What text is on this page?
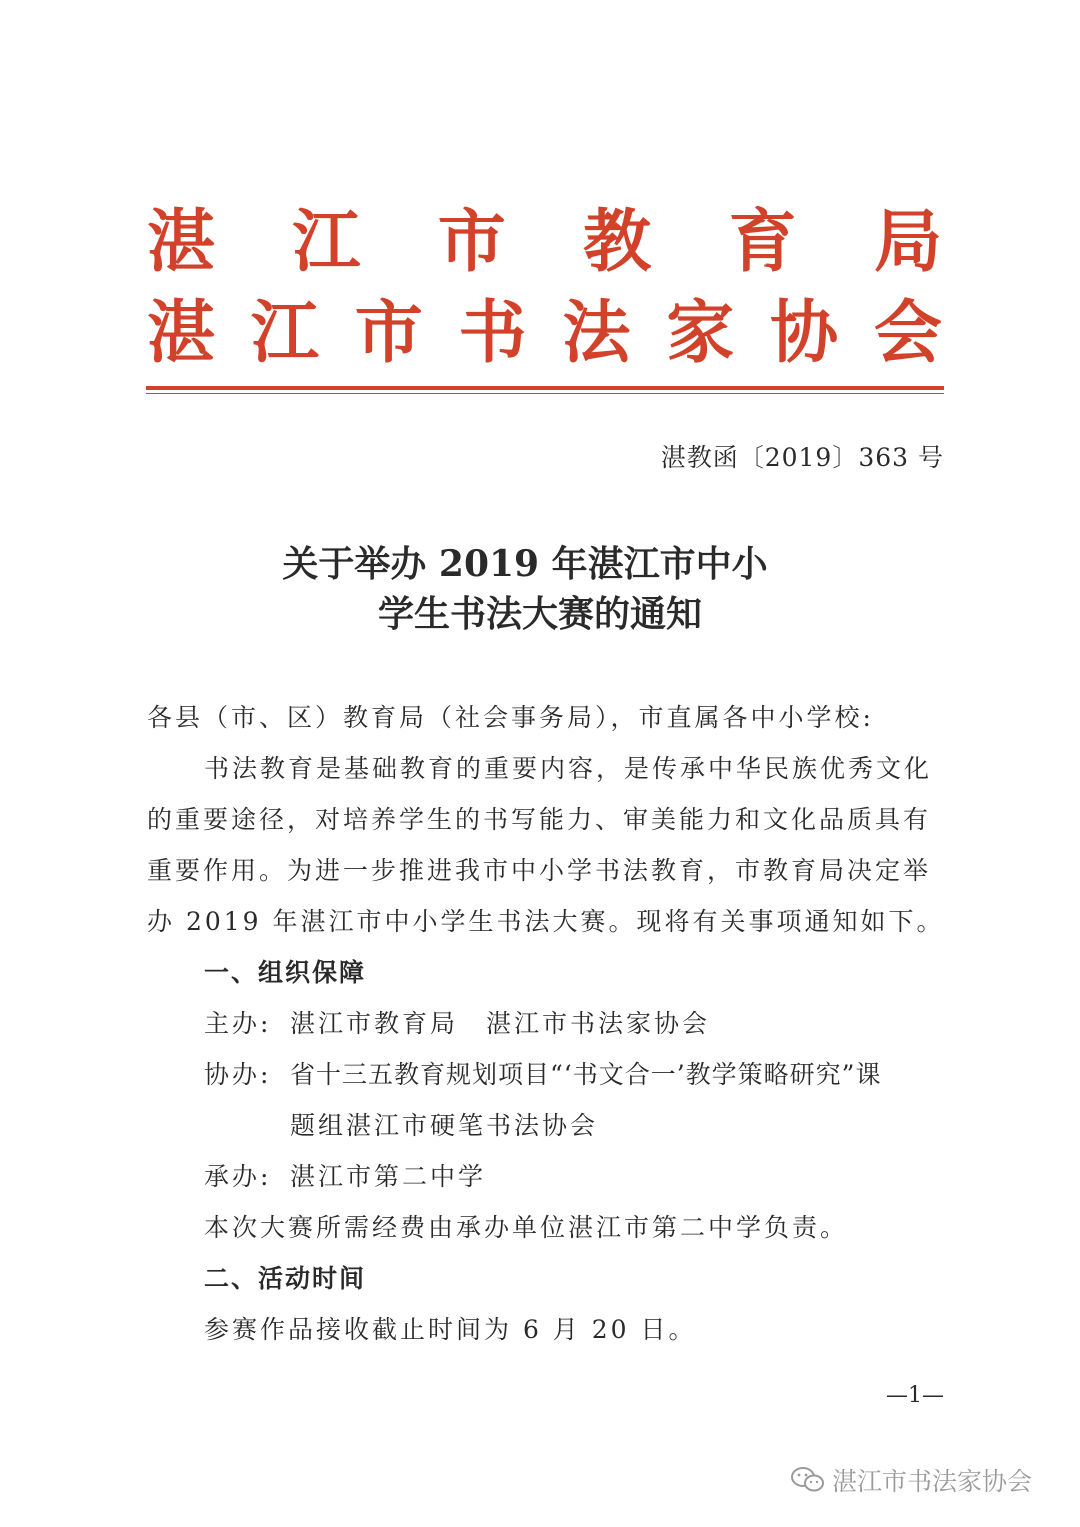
湛 江 市 教 育 局
湛 江 市 书 法 家 协 会
湛教函〔2019〕363 号
关于举办 2019 年湛江市中小
学生书法大赛的通知
各县（市、区）教育局（社会事务局），市直属各中小学校:
书法教育是基础教育的重要内容，是传承中华民族优秀文化
的重要途径，对培养学生的书写能力、审美能力和文化品质具有
重要作用。为进一步推进我市中小学书法教育，市教育局决定举
办 2019 年湛江市中小学生书法大赛。现将有关事项通知如下。
一、组织保障
主办: 湛江市教育局　湛江市书法家协会
协办: 省十三五教育规划项目“‘书文合一’教学策略研究”课
题组湛江市硬笔书法协会
承办: 湛江市第二中学
本次大赛所需经费由承办单位湛江市第二中学负责。
二、活动时间
参赛作品接收截止时间为 6 月 20 日。
—1—
湛江市书法家协会
